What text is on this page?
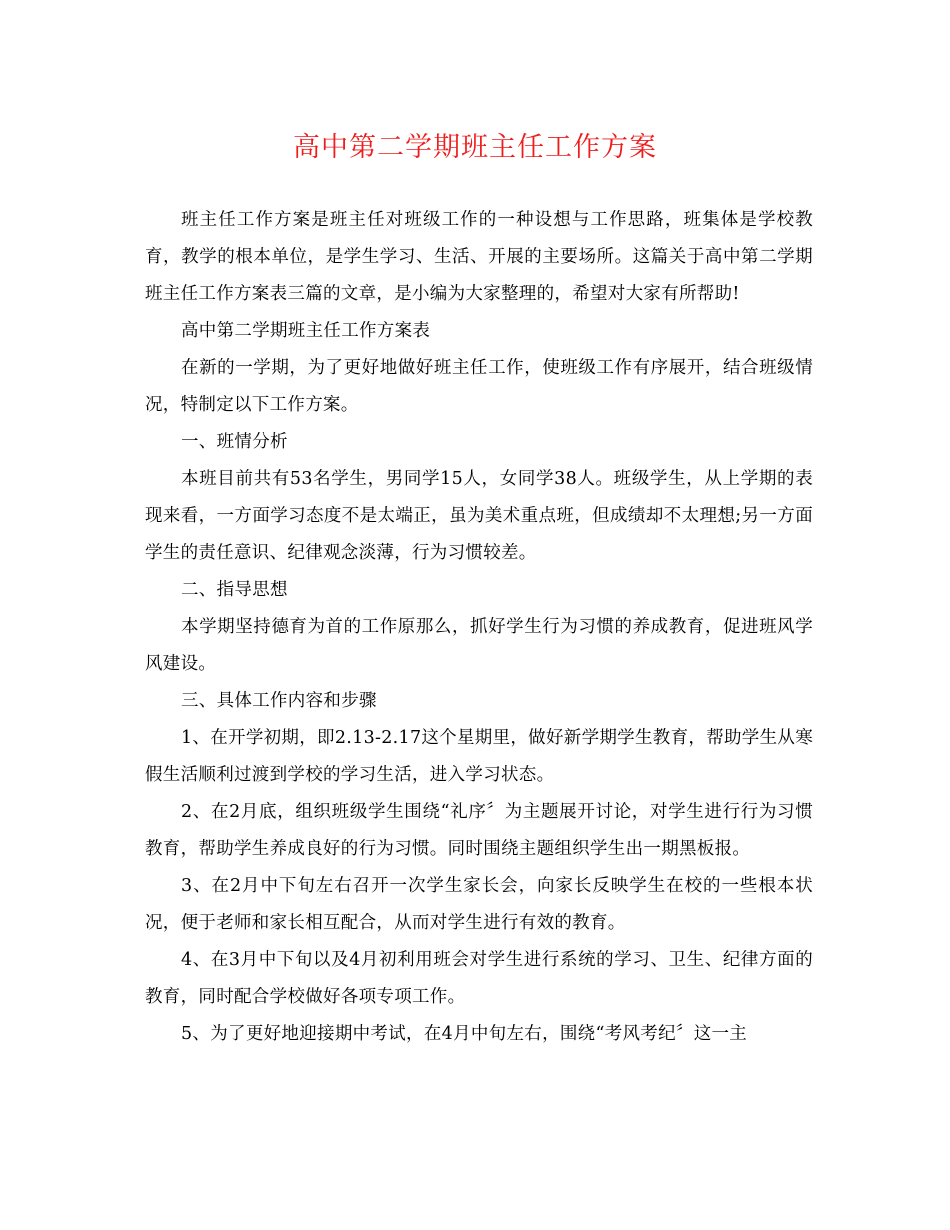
高中第二学期班主任工作方案

班主任工作方案是班主任对班级工作的一种设想与工作思路，班集体是学校教育，教学的根本单位，是学生学习、生活、开展的主要场所。这篇关于高中第二学期班主任工作方案表三篇的文章，是小编为大家整理的，希望对大家有所帮助!

高中第二学期班主任工作方案表

在新的一学期，为了更好地做好班主任工作，使班级工作有序展开，结合班级情况，特制定以下工作方案。

一、班情分析

本班目前共有53名学生，男同学15人，女同学38人。班级学生，从上学期的表现来看，一方面学习态度不是太端正，虽为美术重点班，但成绩却不太理想;另一方面学生的责任意识、纪律观念淡薄，行为习惯较差。

二、指导思想

本学期坚持德育为首的工作原那么，抓好学生行为习惯的养成教育，促进班风学风建设。

三、具体工作内容和步骤

1、在开学初期，即2.13-2.17这个星期里，做好新学期学生教育，帮助学生从寒假生活顺利过渡到学校的学习生活，进入学习状态。

2、在2月底，组织班级学生围绕“礼序〞为主题展开讨论，对学生进行行为习惯教育，帮助学生养成良好的行为习惯。同时围绕主题组织学生出一期黑板报。

3、在2月中下旬左右召开一次学生家长会，向家长反映学生在校的一些根本状况，便于老师和家长相互配合，从而对学生进行有效的教育。

4、在3月中下旬以及4月初利用班会对学生进行系统的学习、卫生、纪律方面的教育，同时配合学校做好各项专项工作。

5、为了更好地迎接期中考试，在4月中旬左右，围绕“考风考纪〞这一主
